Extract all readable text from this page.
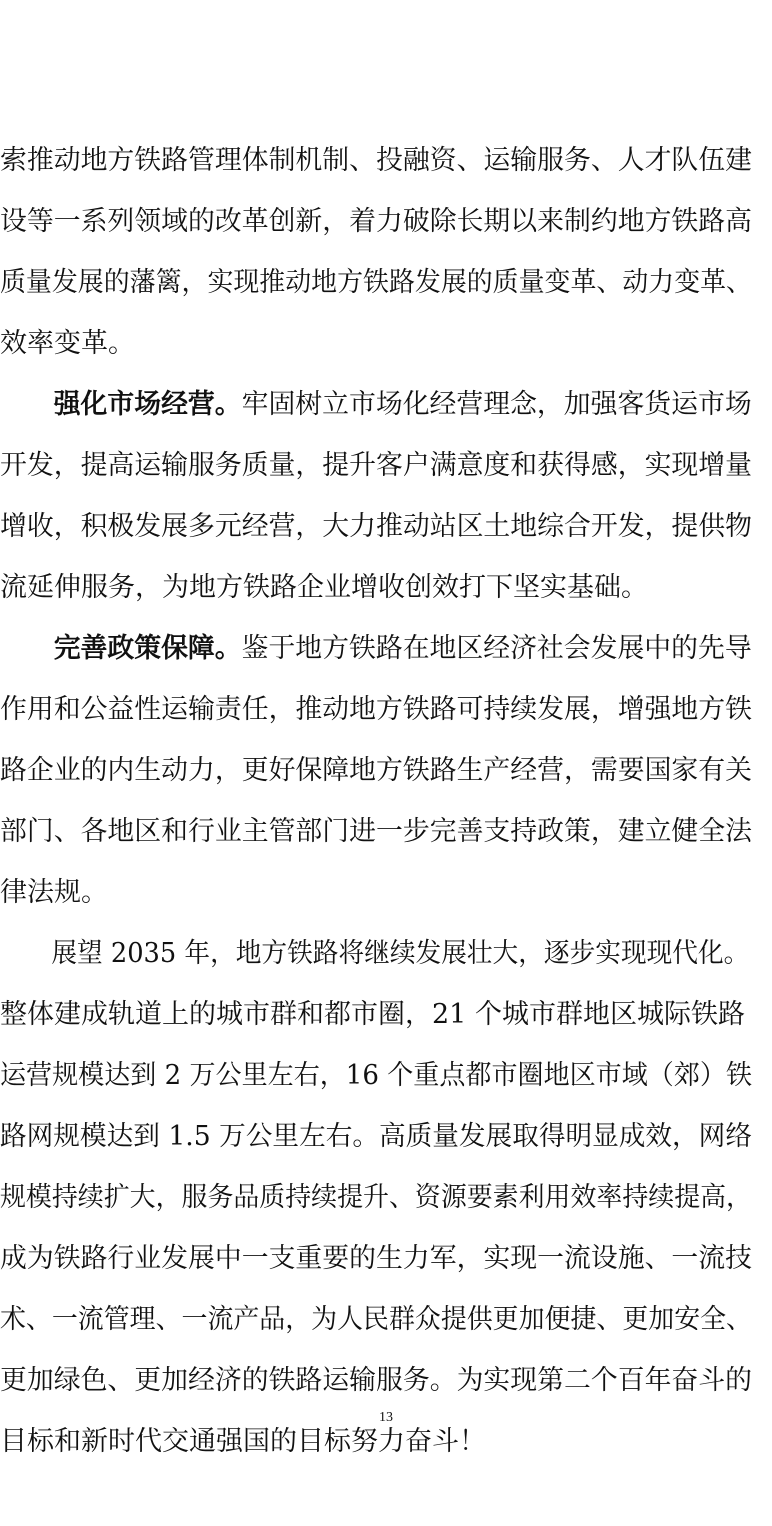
索推动地方铁路管理体制机制、投融资、运输服务、人才队伍建
设等一系列领域的改革创新，着力破除长期以来制约地方铁路高
质量发展的藩篱，实现推动地方铁路发展的质量变革、动力变革、
效率变革。
强化市场经营。牢固树立市场化经营理念，加强客货运市场
开发，提高运输服务质量，提升客户满意度和获得感，实现增量
增收，积极发展多元经营，大力推动站区土地综合开发，提供物
流延伸服务，为地方铁路企业增收创效打下坚实基础。
完善政策保障。鉴于地方铁路在地区经济社会发展中的先导
作用和公益性运输责任，推动地方铁路可持续发展，增强地方铁
路企业的内生动力，更好保障地方铁路生产经营，需要国家有关
部门、各地区和行业主管部门进一步完善支持政策，建立健全法
律法规。
展望 2035 年，地方铁路将继续发展壮大，逐步实现现代化。
整体建成轨道上的城市群和都市圈，21 个城市群地区城际铁路
运营规模达到 2 万公里左右，16 个重点都市圈地区市域（郊）铁
路网规模达到 1.5 万公里左右。高质量发展取得明显成效，网络
规模持续扩大，服务品质持续提升、资源要素利用效率持续提高，
成为铁路行业发展中一支重要的生力军，实现一流设施、一流技
术、一流管理、一流产品，为人民群众提供更加便捷、更加安全、
更加绿色、更加经济的铁路运输服务。为实现第二个百年奋斗的
目标和新时代交通强国的目标努力奋斗！
13
